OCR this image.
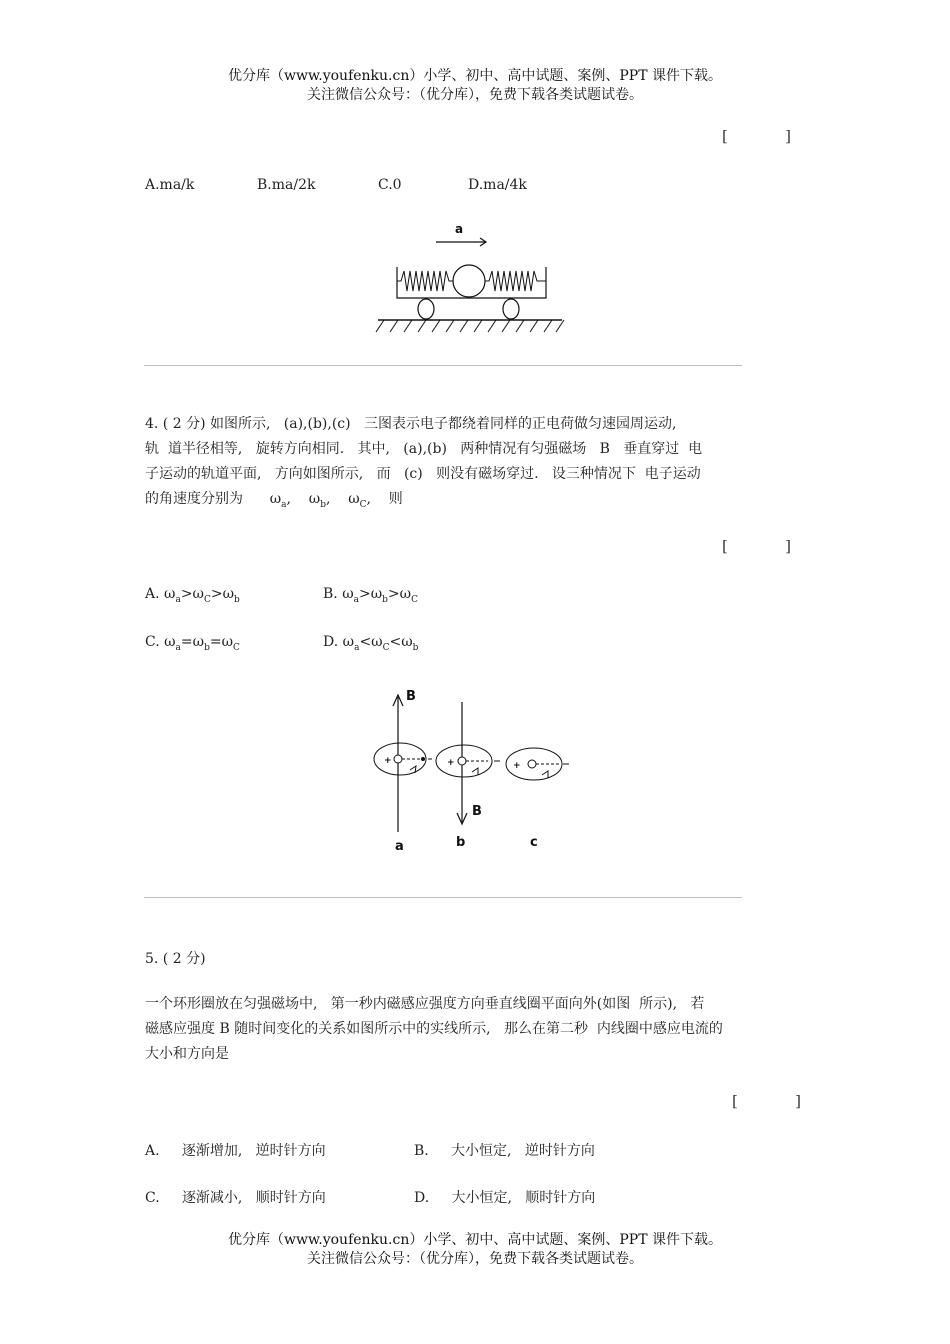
优分库（www.youfenku.cn）小学、初中、高中试题、案例、PPT 课件下载。
关注微信公众号：（优分库），免费下载各类试题试卷。
[            ]
A.ma/k	B.ma/2k	C.0	D.ma/4k
a
4. ( 2 分) 如图所示,   (a),(b),(c)   三图表示电子都绕着同样的正电荷做匀速园周运动,
轨  道半径相等,   旋转方向相同.   其中,   (a),(b)   两种情况有匀强磁场   B   垂直穿过  电
子运动的轨道平面,   方向如图所示,   而   (c)   则没有磁场穿过.   设三种情况下  电子运动
的角速度分别为 $\omega_a$,    $\omega_b$,    $\omega_C$,    则
[            ]
A. $\omega_a>\omega_C>\omega_b$	B. $\omega_a>\omega_b>\omega_C$
C. $\omega_a=\omega_b=\omega_C$	D. $\omega_a<\omega_C<\omega_b$
B
+
a
B
+
b
+
c
5. ( 2 分)
一个环形圈放在匀强磁场中,   第一秒内磁感应强度方向垂直线圈平面向外(如图  所示),   若
磁感应强度 B 随时间变化的关系如图所示中的实线所示,   那么在第二秒  内线圈中感应电流的
大小和方向是
[            ]
A. 逐渐增加,   逆时针方向	B. 大小恒定,   逆时针方向
C. 逐渐减小,   顺时针方向	D. 大小恒定,   顺时针方向
优分库（www.youfenku.cn）小学、初中、高中试题、案例、PPT 课件下载。
关注微信公众号：（优分库），免费下载各类试题试卷。
